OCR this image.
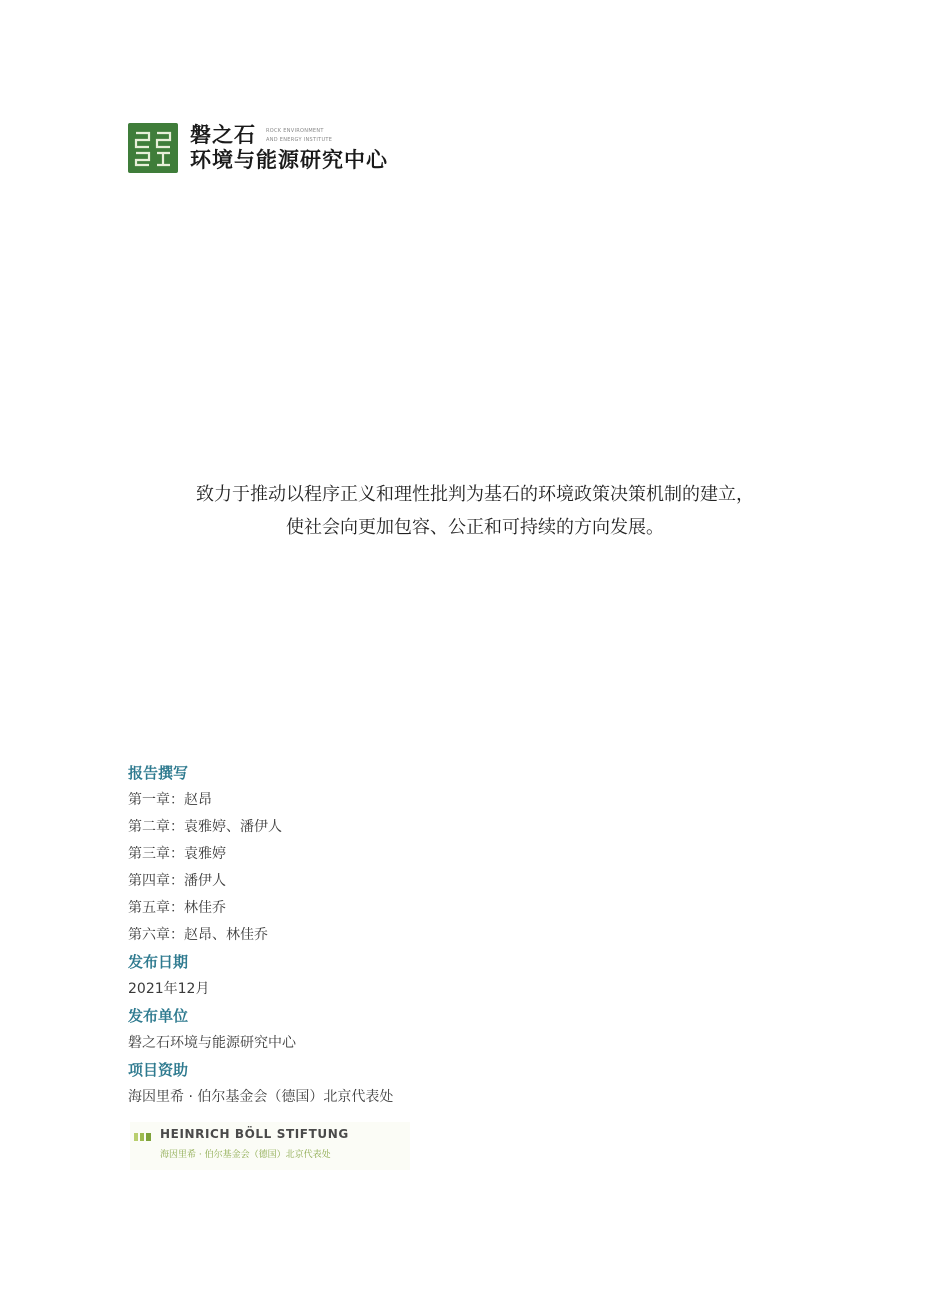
磐之石 ROCK ENVIRONMENT
AND ENERGY INSTITUTE
环境与能源研究中心
致力于推动以程序正义和理性批判为基石的环境政策决策机制的建立，
使社会向更加包容、公正和可持续的方向发展。
报告撰写
第一章：赵昂
第二章：袁雅婷、潘伊人
第三章：袁雅婷
第四章：潘伊人
第五章：林佳乔
第六章：赵昂、林佳乔
发布日期
2021年12月
发布单位
磐之石环境与能源研究中心
项目资助
海因里希 · 伯尔基金会（德国）北京代表处
HEINRICH BÖLL STIFTUNG
海因里希 · 伯尔基金会（德国）北京代表处
